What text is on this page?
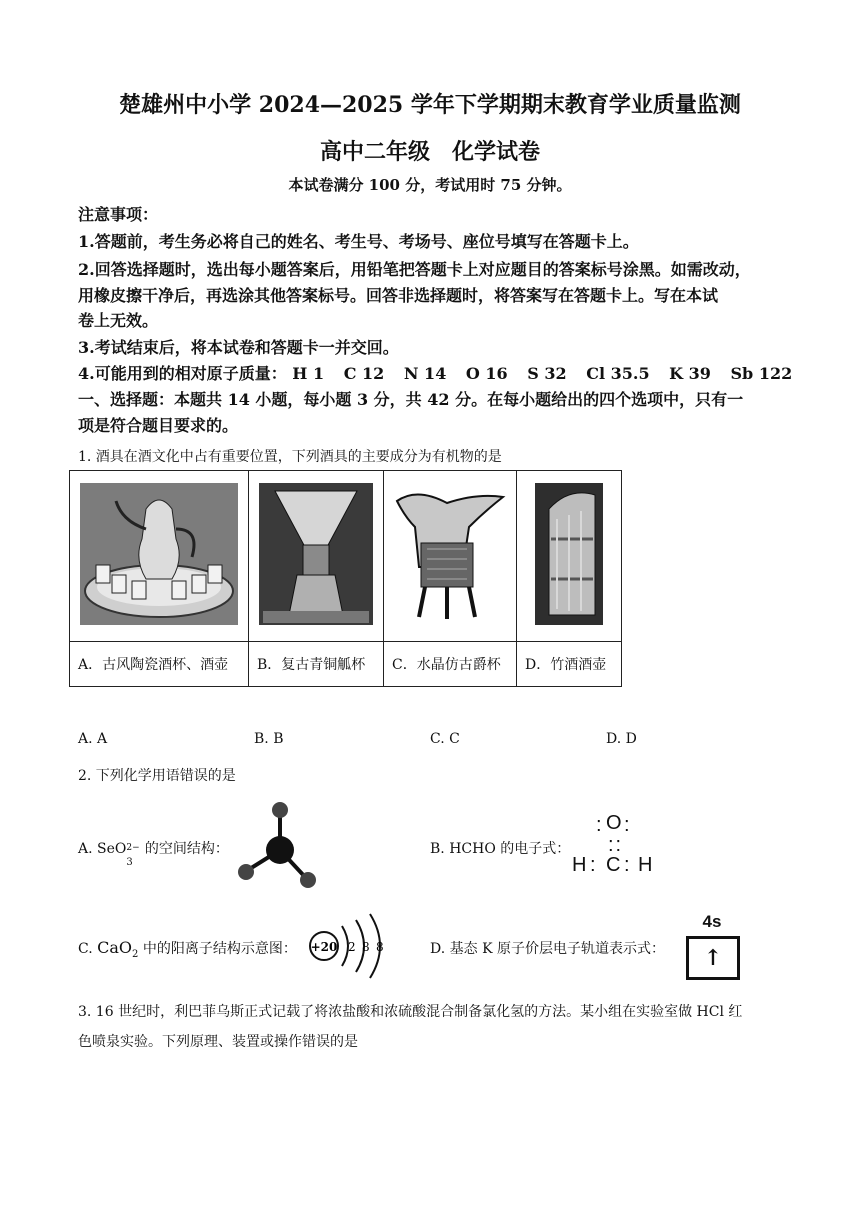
楚雄州中小学 2024—2025 学年下学期期末教育学业质量监测
高中二年级　化学试卷
本试卷满分 100 分，考试用时 75 分钟。
注意事项：
1.答题前，考生务必将自己的姓名、考生号、考场号、座位号填写在答题卡上。
2.回答选择题时，选出每小题答案后，用铅笔把答题卡上对应题目的答案标号涂黑。如需改动，
用橡皮擦干净后，再选涂其他答案标号。回答非选择题时，将答案写在答题卡上。写在本试
卷上无效。
3.考试结束后，将本试卷和答题卡一并交回。
4.可能用到的相对原子质量： H 1 C 12 N 14 O 16 S 32 Cl 35.5 K 39 Sb 122
一、选择题：本题共 14 小题，每小题 3 分，共 42 分。在每小题给出的四个选项中，只有一
项是符合题目要求的。
1. 酒具在酒文化中占有重要位置，下列酒具的主要成分为有机物的是

A．古风陶瓷酒杯、酒壶	B．复古青铜觚杯	C．水晶仿古爵杯	D．竹酒酒壶
A. A	B. B	C. C	D. D
2. 下列化学用语错误的是
A. SeO 2−
3
的空间结构：	B. HCHO 的电子式：
: O :
::
H : C : H
C. CaO$_2$ 中的阳离子结构示意图： +20 2 8 8	D. 基态 K 原子价层电子轨道表示式：
4s
↑
3. 16 世纪时，利巴菲乌斯正式记载了将浓盐酸和浓硫酸混合制备氯化氢的方法。某小组在实验室做 HCl 红
色喷泉实验。下列原理、装置或操作错误的是
